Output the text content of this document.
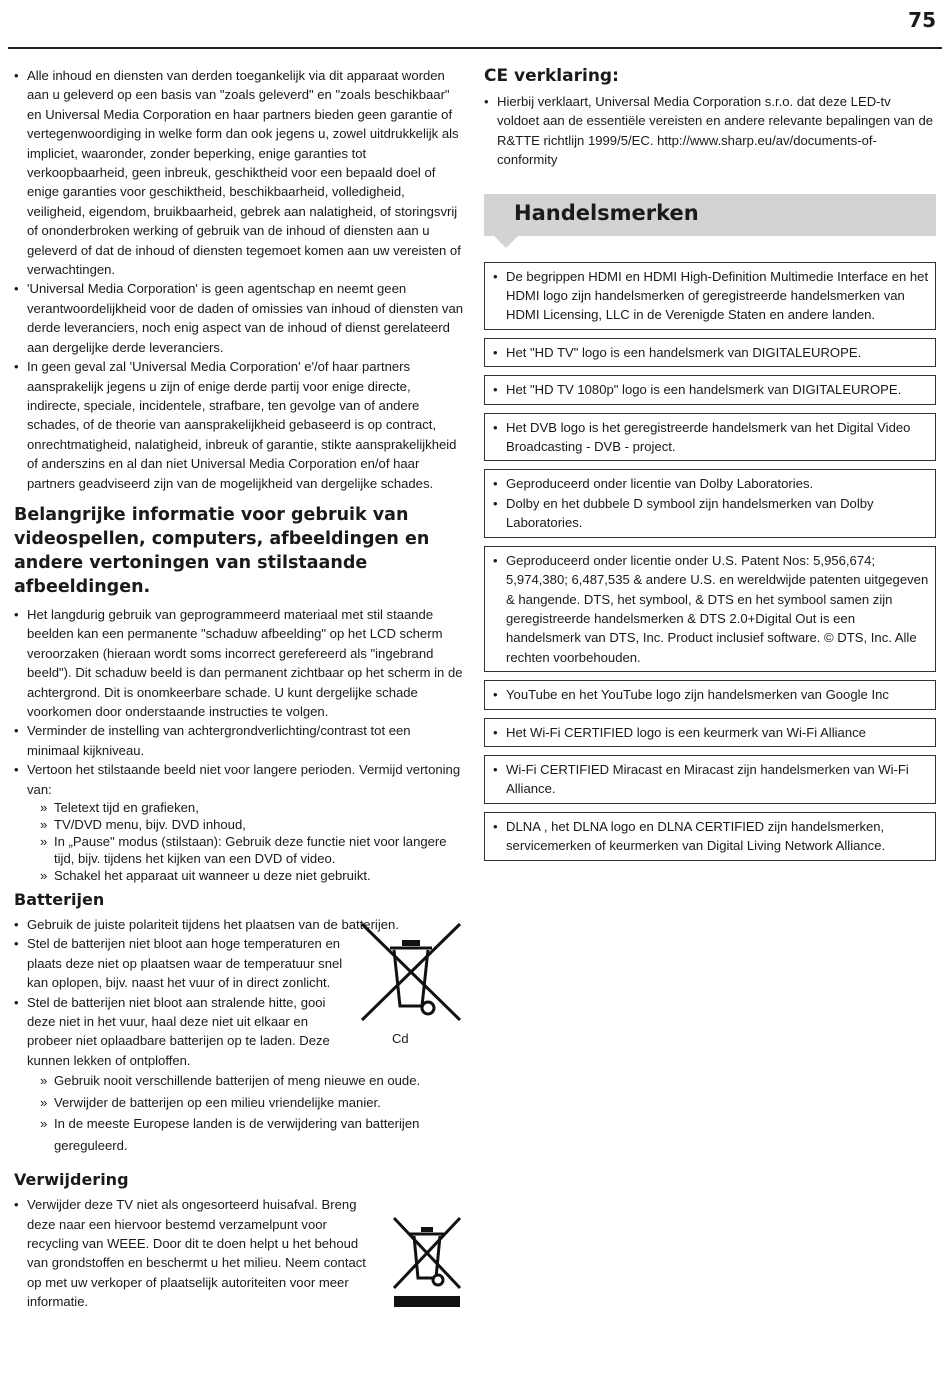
75
• Alle inhoud en diensten van derden toegankelijk via dit apparaat worden aan u geleverd op een basis van "zoals geleverd" en "zoals beschikbaar" en Universal Media Corporation en haar partners bieden geen garantie of vertegenwoordiging in welke form dan ook jegens u, zowel uitdrukkelijk als impliciet, waaronder, zonder beperking, enige garanties tot verkoopbaarheid, geen inbreuk, geschiktheid voor een bepaald doel of enige garanties voor geschiktheid, beschikbaarheid, volledigheid, veiligheid, eigendom, bruikbaarheid, gebrek aan nalatigheid, of storingsvrij of ononderbroken werking of gebruik van de inhoud of diensten aan u geleverd of dat de inhoud of diensten tegemoet komen aan uw vereisten of verwachtingen.
• 'Universal Media Corporation' is geen agentschap en neemt geen verantwoordelijkheid voor de daden of omissies van inhoud of diensten van derde leveranciers, noch enig aspect van de inhoud of dienst gerelateerd aan dergelijke derde leveranciers.
• In geen geval zal 'Universal Media Corporation' e'/of haar partners aansprakelijk jegens u zijn of enige derde partij voor enige directe, indirecte, speciale, incidentele, strafbare, ten gevolge van of andere schades, of de theorie van aansprakelijkheid gebaseerd is op contract, onrechtmatigheid, nalatigheid, inbreuk of garantie, stikte aansprakelijkheid of anderszins en al dan niet Universal Media Corporation en/of haar partners geadviseerd zijn van de mogelijkheid van dergelijke schades.
Belangrijke informatie voor gebruik van videospellen, computers, afbeeldingen en andere vertoningen van stilstaande afbeeldingen.
• Het langdurig gebruik van geprogrammeerd materiaal met stil staande beelden kan een permanente "schaduw afbeelding" op het LCD scherm veroorzaken (hieraan wordt soms incorrect gerefereerd als "ingebrand beeld"). Dit schaduw beeld is dan permanent zichtbaar op het scherm in de achtergrond. Dit is onomkeerbare schade. U kunt dergelijke schade voorkomen door onderstaande instructies te volgen.
• Verminder de instelling van achtergrondverlichting/contrast tot een minimaal kijkniveau.
• Vertoon het stilstaande beeld niet voor langere perioden. Vermijd vertoning van:
» Teletext tijd en grafieken,
» TV/DVD menu, bijv. DVD inhoud,
» In „Pause" modus (stilstaan): Gebruik deze functie niet voor langere tijd, bijv. tijdens het kijken van een DVD of video.
» Schakel het apparaat uit wanneer u deze niet gebruikt.
Batterijen
• Gebruik de juiste polariteit tijdens het plaatsen van de batterijen.
• Stel de batterijen niet bloot aan hoge temperaturen en plaats deze niet op plaatsen waar de temperatuur snel kan oplopen, bijv. naast het vuur of in direct zonlicht.
• Stel de batterijen niet bloot aan stralende hitte, gooi deze niet in het vuur, haal deze niet uit elkaar en probeer niet oplaadbare batterijen op te laden. Deze kunnen lekken of ontploffen.
» Gebruik nooit verschillende batterijen of meng nieuwe en oude.
» Verwijder de batterijen op een milieu vriendelijke manier.
» In de meeste Europese landen is de verwijdering van batterijen gereguleerd.
Verwijdering
• Verwijder deze TV niet als ongesorteerd huisafval. Breng deze naar een hiervoor bestemd verzamelpunt voor recycling van WEEE. Door dit te doen helpt u het behoud van grondstoffen en beschermt u het milieu. Neem contact op met uw verkoper of plaatselijk autoriteiten voor meer informatie.
Cd
CE verklaring:
• Hierbij verklaart, Universal Media Corporation s.r.o. dat deze LED-tv voldoet aan de essentiële vereisten en andere relevante bepalingen van de R&TTE richtlijn 1999/5/EC. http://www.sharp.eu/av/documents-of-conformity
Handelsmerken
• De begrippen HDMI en HDMI High-Definition Multimedie Interface en het HDMI logo zijn handelsmerken of geregistreerde handelsmerken van HDMI Licensing, LLC in de Verenigde Staten en andere landen.
• Het "HD TV" logo is een handelsmerk van DIGITALEUROPE.
• Het "HD TV 1080p" logo is een handelsmerk van DIGITALEUROPE.
• Het DVB logo is het geregistreerde handelsmerk van het Digital Video Broadcasting - DVB - project.
• Geproduceerd onder licentie van Dolby Laboratories.
• Dolby en het dubbele D symbool zijn handelsmerken van Dolby Laboratories.
• Geproduceerd onder licentie onder U.S. Patent Nos: 5,956,674; 5,974,380; 6,487,535 & andere U.S. en wereldwijde patenten uitgegeven & hangende. DTS, het symbool, & DTS en het symbool samen zijn geregistreerde handelsmerken & DTS 2.0+Digital Out is een handelsmerk van DTS, Inc. Product inclusief software. © DTS, Inc. Alle rechten voorbehouden.
• YouTube en het YouTube logo zijn handelsmerken van Google Inc
• Het Wi-Fi CERTIFIED logo is een keurmerk van Wi-Fi Alliance
• Wi-Fi CERTIFIED Miracast en Miracast zijn handelsmerken van Wi-Fi Alliance.
• DLNA , het DLNA logo en DLNA CERTIFIED zijn handelsmerken, servicemerken of keurmerken van Digital Living Network Alliance.
